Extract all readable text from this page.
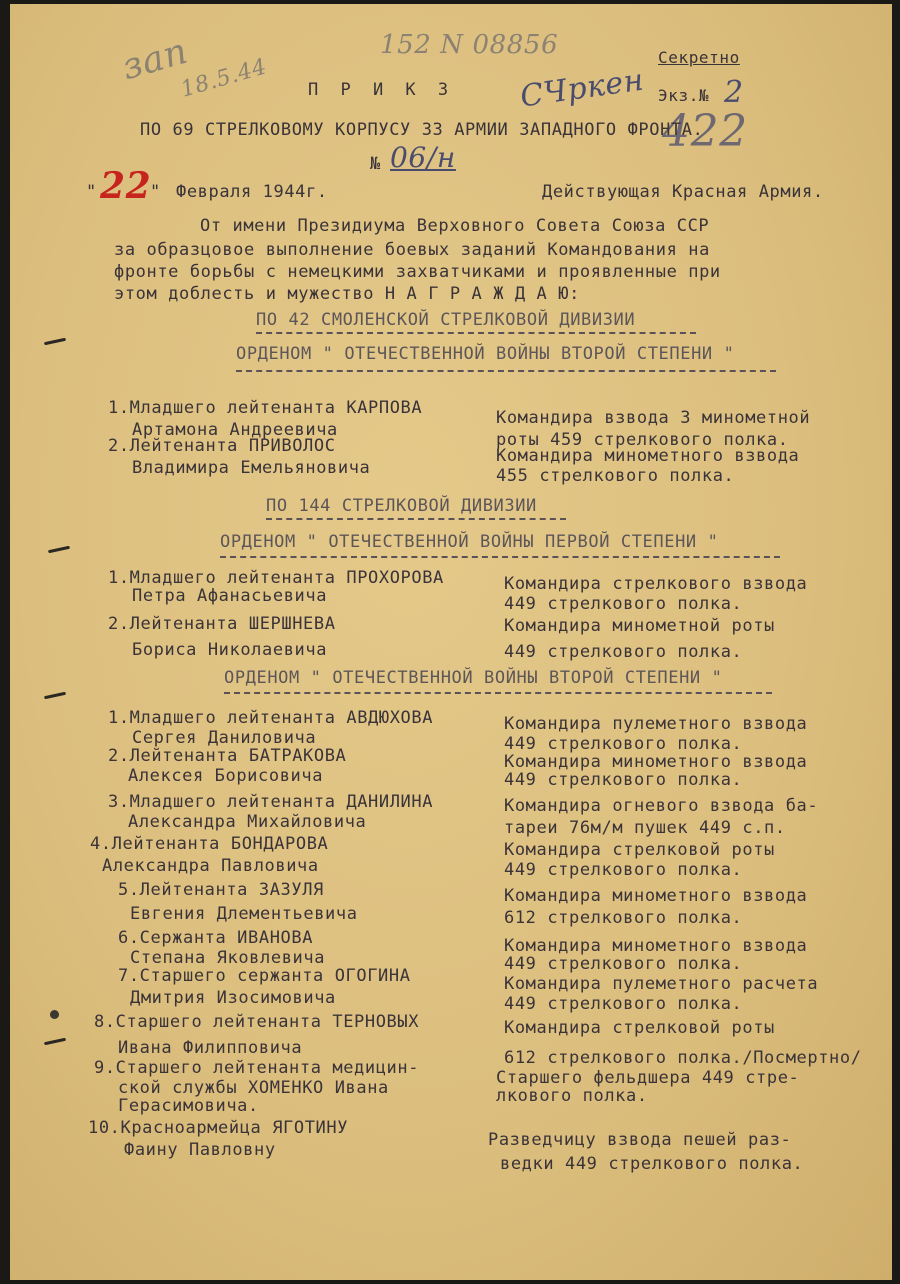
зап
18.5.44
152 N 08856
СЧркен
Секретно
Экз.№ 2
422
П Р И К З
ПО 69 СТРЕЛКОВОМУ КОРПУСУ 33 АРМИИ ЗАПАДНОГО ФРОНТА.
№ 06/н
" 22
" Февраля 1944г.	Действующая Красная Армия.
От имени Президиума Верховного Совета Союза ССР
за образцовое выполнение боевых заданий Командования на
фронте борьбы с немецкими захватчиками и проявленные при
этом доблесть и мужество Н А Г Р А Ж Д А Ю:
ПО 42 СМОЛЕНСКОЙ СТРЕЛКОВОЙ ДИВИЗИИ
ОРДЕНОМ " ОТЕЧЕСТВЕННОЙ ВОЙНЫ ВТОРОЙ СТЕПЕНИ "
1.Младшего лейтенанта КАРПОВА
Артамона Андреевича
Командира взвода 3 минометной
роты 459 стрелкового полка.
2.Лейтенанта ПРИВОЛОС
Владимира Емельяновича
Командира минометного взвода
455 стрелкового полка.
ПО 144 СТРЕЛКОВОЙ ДИВИЗИИ
ОРДЕНОМ " ОТЕЧЕСТВЕННОЙ ВОЙНЫ ПЕРВОЙ СТЕПЕНИ "
1.Младшего лейтенанта ПРОХОРОВА
Петра Афанасьевича
Командира стрелкового взвода
449 стрелкового полка.
2.Лейтенанта ШЕРШНЕВА
Бориса Николаевича
Командира минометной роты
449 стрелкового полка.
ОРДЕНОМ " ОТЕЧЕСТВЕННОЙ ВОЙНЫ ВТОРОЙ СТЕПЕНИ "
1.Младшего лейтенанта АВДЮХОВА
Сергея Даниловича
Командира пулеметного взвода
449 стрелкового полка.
2.Лейтенанта БАТРАКОВА
Алексея Борисовича
Командира минометного взвода
449 стрелкового полка.
3.Младшего лейтенанта ДАНИЛИНА
Александра Михайловича
Командира огневого взвода ба-
тареи 76м/м пушек 449 с.п.
4.Лейтенанта БОНДАРОВА
Александра Павловича
Командира стрелковой роты
449 стрелкового полка.
5.Лейтенанта ЗАЗУЛЯ
Евгения Длементьевича
Командира минометного взвода
612 стрелкового полка.
6.Сержанта ИВАНОВА
Степана Яковлевича
Командира минометного взвода
449 стрелкового полка.
7.Старшего сержанта ОГОГИНА
Дмитрия Изосимовича
Командира пулеметного расчета
449 стрелкового полка.
8.Старшего лейтенанта ТЕРНОВЫХ
Ивана Филипповича
Командира стрелковой роты
612 стрелкового полка./Посмертно/
9.Старшего лейтенанта медицин-
ской службы ХОМЕНКО Ивана
Герасимовича.
Старшего фельдшера 449 стре-
лкового полка.
10.Красноармейца ЯГОТИНУ
Фаину Павловну	Разведчицу взвода пешей раз-
ведки 449 стрелкового полка.
